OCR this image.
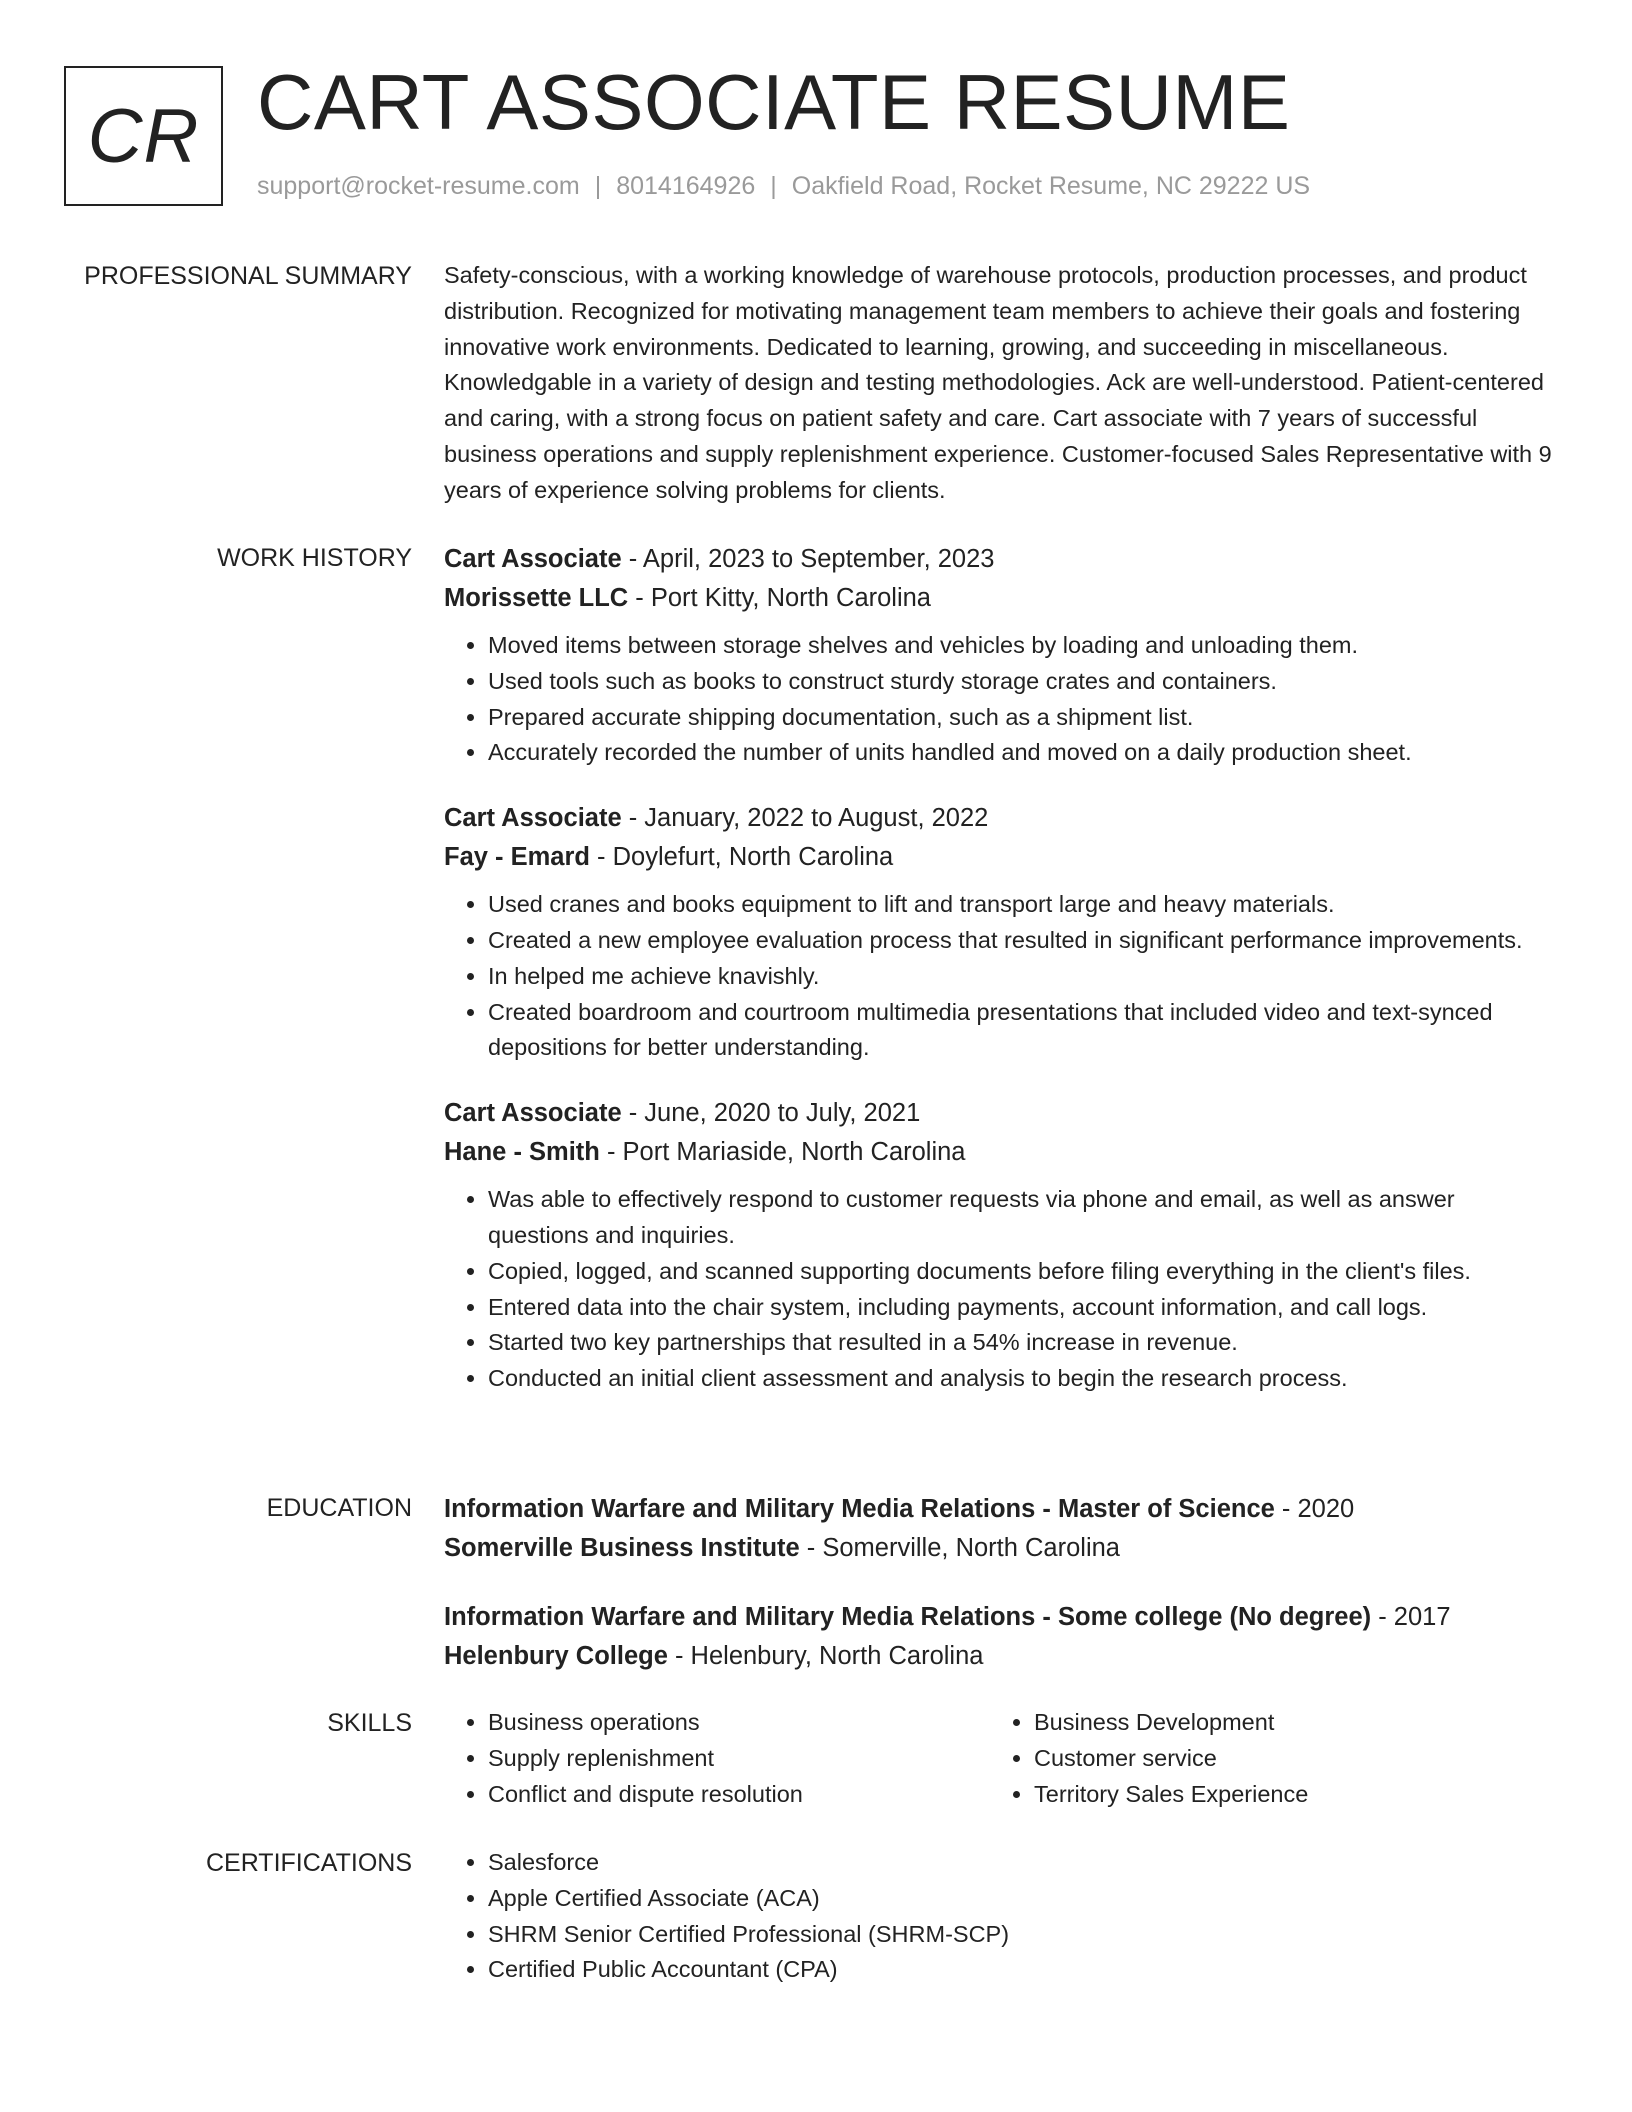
CR CART ASSOCIATE RESUME
support@rocket-resume.com | 8014164926 | Oakfield Road, Rocket Resume, NC 29222 US
PROFESSIONAL SUMMARY Safety-conscious, with a working knowledge of warehouse protocols, production processes, and product distribution. Recognized for motivating management team members to achieve their goals and fostering innovative work environments. Dedicated to learning, growing, and succeeding in miscellaneous. Knowledgable in a variety of design and testing methodologies. Ack are well-understood. Patient-centered and caring, with a strong focus on patient safety and care. Cart associate with 7 years of successful business operations and supply replenishment experience. Customer-focused Sales Representative with 9 years of experience solving problems for clients.

WORK HISTORY Cart Associate - April, 2023 to September, 2023
Morissette LLC - Port Kitty, North Carolina
• Moved items between storage shelves and vehicles by loading and unloading them.
• Used tools such as books to construct sturdy storage crates and containers.
• Prepared accurate shipping documentation, such as a shipment list.
• Accurately recorded the number of units handled and moved on a daily production sheet.
Cart Associate - January, 2022 to August, 2022
Fay - Emard - Doylefurt, North Carolina
• Used cranes and books equipment to lift and transport large and heavy materials.
• Created a new employee evaluation process that resulted in significant performance improvements.
• In helped me achieve knavishly.
• Created boardroom and courtroom multimedia presentations that included video and text-synced depositions for better understanding.
Cart Associate - June, 2020 to July, 2021
Hane - Smith - Port Mariaside, North Carolina
• Was able to effectively respond to customer requests via phone and email, as well as answer questions and inquiries.
• Copied, logged, and scanned supporting documents before filing everything in the client's files.
• Entered data into the chair system, including payments, account information, and call logs.
• Started two key partnerships that resulted in a 54% increase in revenue.
• Conducted an initial client assessment and analysis to begin the research process.
EDUCATION Information Warfare and Military Media Relations - Master of Science - 2020
Somerville Business Institute - Somerville, North Carolina
Information Warfare and Military Media Relations - Some college (No degree) - 2017
Helenbury College - Helenbury, North Carolina
SKILLS	• Business operations
• Supply replenishment
• Conflict and dispute resolution
• Business Development
• Customer service
• Territory Sales Experience
CERTIFICATIONS	• Salesforce
• Apple Certified Associate (ACA)
• SHRM Senior Certified Professional (SHRM-SCP)
• Certified Public Accountant (CPA)
